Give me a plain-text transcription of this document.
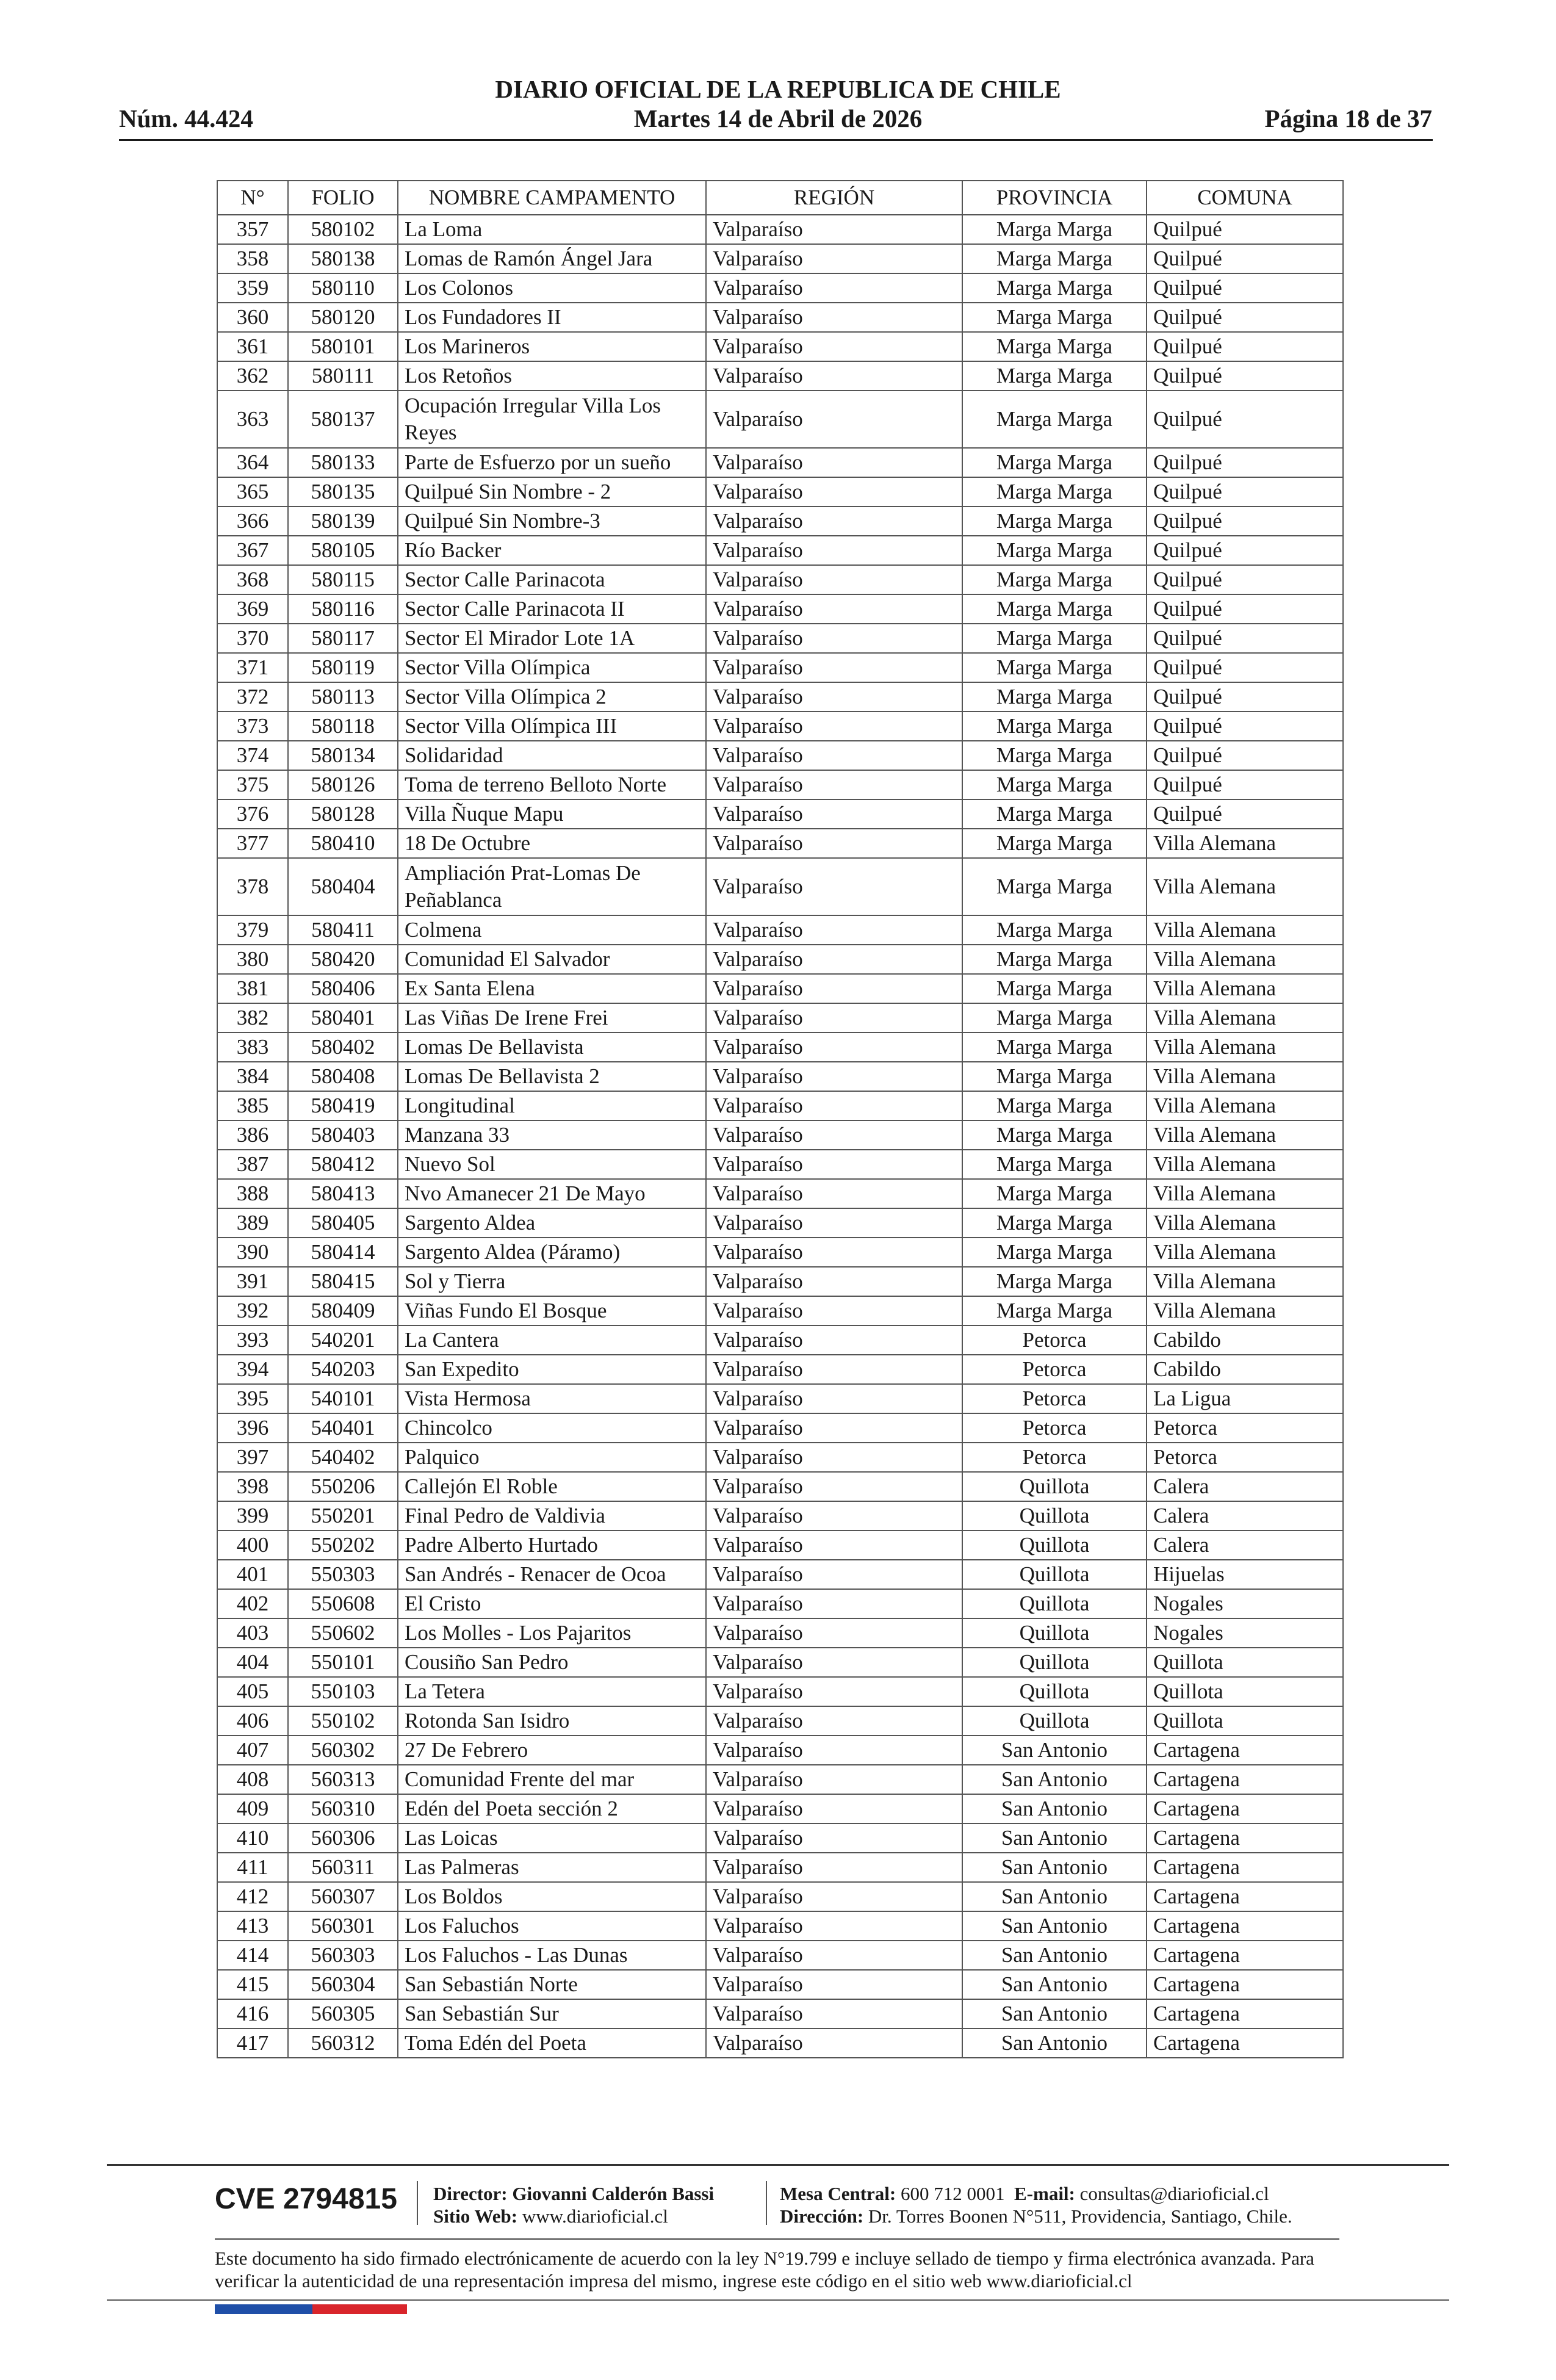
DIARIO OFICIAL DE LA REPUBLICA DE CHILE
Martes 14 de Abril de 2026
Núm. 44.424	Página 18 de 37
N°	FOLIO	NOMBRE CAMPAMENTO	REGIÓN	PROVINCIA	COMUNA
357	580102	La Loma	Valparaíso	Marga Marga	Quilpué
358	580138	Lomas de Ramón Ángel Jara	Valparaíso	Marga Marga	Quilpué
359	580110	Los Colonos	Valparaíso	Marga Marga	Quilpué
360	580120	Los Fundadores II	Valparaíso	Marga Marga	Quilpué
361	580101	Los Marineros	Valparaíso	Marga Marga	Quilpué
362	580111	Los Retoños	Valparaíso	Marga Marga	Quilpué
363	580137	Ocupación Irregular Villa Los Reyes	Valparaíso	Marga Marga	Quilpué
364	580133	Parte de Esfuerzo por un sueño	Valparaíso	Marga Marga	Quilpué
365	580135	Quilpué Sin Nombre - 2	Valparaíso	Marga Marga	Quilpué
366	580139	Quilpué Sin Nombre-3	Valparaíso	Marga Marga	Quilpué
367	580105	Río Backer	Valparaíso	Marga Marga	Quilpué
368	580115	Sector Calle Parinacota	Valparaíso	Marga Marga	Quilpué
369	580116	Sector Calle Parinacota II	Valparaíso	Marga Marga	Quilpué
370	580117	Sector El Mirador Lote 1A	Valparaíso	Marga Marga	Quilpué
371	580119	Sector Villa Olímpica	Valparaíso	Marga Marga	Quilpué
372	580113	Sector Villa Olímpica 2	Valparaíso	Marga Marga	Quilpué
373	580118	Sector Villa Olímpica III	Valparaíso	Marga Marga	Quilpué
374	580134	Solidaridad	Valparaíso	Marga Marga	Quilpué
375	580126	Toma de terreno Belloto Norte	Valparaíso	Marga Marga	Quilpué
376	580128	Villa Ñuque Mapu	Valparaíso	Marga Marga	Quilpué
377	580410	18 De Octubre	Valparaíso	Marga Marga	Villa Alemana
378	580404	Ampliación Prat-Lomas De Peñablanca	Valparaíso	Marga Marga	Villa Alemana
379	580411	Colmena	Valparaíso	Marga Marga	Villa Alemana
380	580420	Comunidad El Salvador	Valparaíso	Marga Marga	Villa Alemana
381	580406	Ex Santa Elena	Valparaíso	Marga Marga	Villa Alemana
382	580401	Las Viñas De Irene Frei	Valparaíso	Marga Marga	Villa Alemana
383	580402	Lomas De Bellavista	Valparaíso	Marga Marga	Villa Alemana
384	580408	Lomas De Bellavista 2	Valparaíso	Marga Marga	Villa Alemana
385	580419	Longitudinal	Valparaíso	Marga Marga	Villa Alemana
386	580403	Manzana 33	Valparaíso	Marga Marga	Villa Alemana
387	580412	Nuevo Sol	Valparaíso	Marga Marga	Villa Alemana
388	580413	Nvo Amanecer 21 De Mayo	Valparaíso	Marga Marga	Villa Alemana
389	580405	Sargento Aldea	Valparaíso	Marga Marga	Villa Alemana
390	580414	Sargento Aldea (Páramo)	Valparaíso	Marga Marga	Villa Alemana
391	580415	Sol y Tierra	Valparaíso	Marga Marga	Villa Alemana
392	580409	Viñas Fundo El Bosque	Valparaíso	Marga Marga	Villa Alemana
393	540201	La Cantera	Valparaíso	Petorca	Cabildo
394	540203	San Expedito	Valparaíso	Petorca	Cabildo
395	540101	Vista Hermosa	Valparaíso	Petorca	La Ligua
396	540401	Chincolco	Valparaíso	Petorca	Petorca
397	540402	Palquico	Valparaíso	Petorca	Petorca
398	550206	Callejón El Roble	Valparaíso	Quillota	Calera
399	550201	Final Pedro de Valdivia	Valparaíso	Quillota	Calera
400	550202	Padre Alberto Hurtado	Valparaíso	Quillota	Calera
401	550303	San Andrés - Renacer de Ocoa	Valparaíso	Quillota	Hijuelas
402	550608	El Cristo	Valparaíso	Quillota	Nogales
403	550602	Los Molles - Los Pajaritos	Valparaíso	Quillota	Nogales
404	550101	Cousiño San Pedro	Valparaíso	Quillota	Quillota
405	550103	La Tetera	Valparaíso	Quillota	Quillota
406	550102	Rotonda San Isidro	Valparaíso	Quillota	Quillota
407	560302	27 De Febrero	Valparaíso	San Antonio	Cartagena
408	560313	Comunidad Frente del mar	Valparaíso	San Antonio	Cartagena
409	560310	Edén del Poeta sección 2	Valparaíso	San Antonio	Cartagena
410	560306	Las Loicas	Valparaíso	San Antonio	Cartagena
411	560311	Las Palmeras	Valparaíso	San Antonio	Cartagena
412	560307	Los Boldos	Valparaíso	San Antonio	Cartagena
413	560301	Los Faluchos	Valparaíso	San Antonio	Cartagena
414	560303	Los Faluchos - Las Dunas	Valparaíso	San Antonio	Cartagena
415	560304	San Sebastián Norte	Valparaíso	San Antonio	Cartagena
416	560305	San Sebastián Sur	Valparaíso	San Antonio	Cartagena
417	560312	Toma Edén del Poeta	Valparaíso	San Antonio	Cartagena
CVE 2794815 Director: Giovanni Calderón Bassi
Sitio Web: www.diarioficial.cl
Mesa Central: 600 712 0001 E-mail: consultas@diarioficial.cl
Dirección: Dr. Torres Boonen N°511, Providencia, Santiago, Chile.
Este documento ha sido firmado electrónicamente de acuerdo con la ley N°19.799 e incluye sellado de tiempo y firma electrónica avanzada. Para verificar la autenticidad de una representación impresa del mismo, ingrese este código en el sitio web www.diarioficial.cl
